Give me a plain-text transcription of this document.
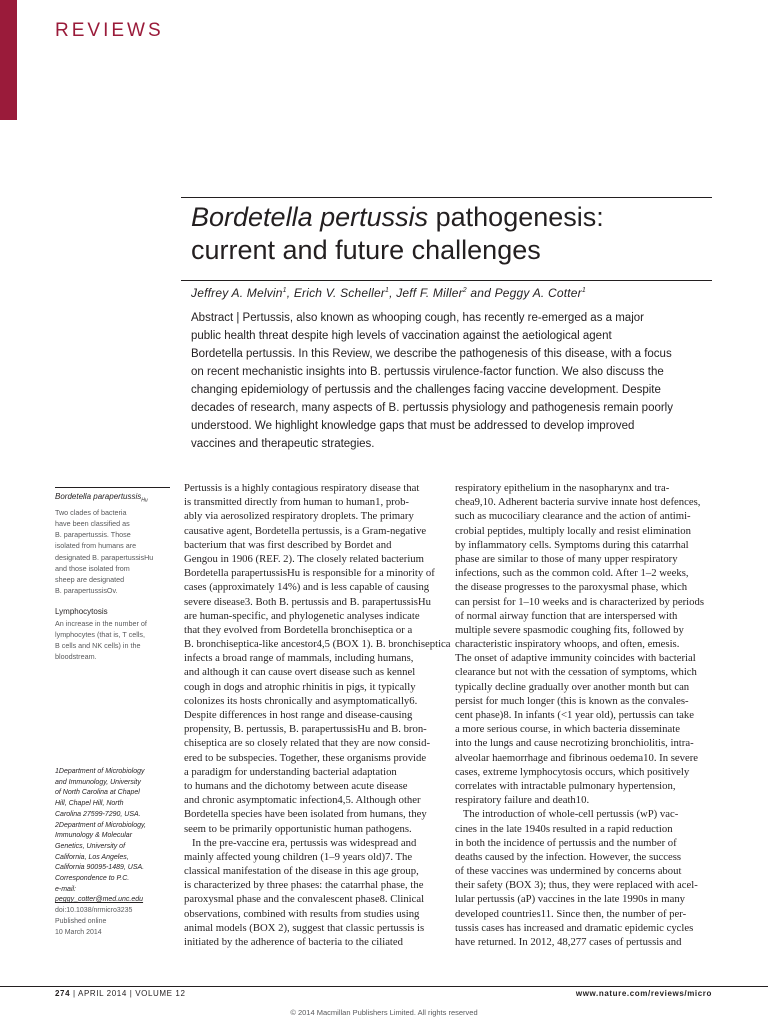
REVIEWS
Bordetella pertussis pathogenesis:
current and future challenges
Jeffrey A. Melvin$^1$, Erich V. Scheller$^1$, Jeff F. Miller$^2$ and Peggy A. Cotter$^1$

Abstract | Pertussis, also known as whooping cough, has recently re-emerged as a major

public health threat despite high levels of vaccination against the aetiological agent

Bordetella pertussis. In this Review, we describe the pathogenesis of this disease, with a focus

on recent mechanistic insights into B. pertussis virulence-factor function. We also discuss the

changing epidemiology of pertussis and the challenges facing vaccine development. Despite

decades of research, many aspects of B. pertussis physiology and pathogenesis remain poorly

understood. We highlight knowledge gaps that must be addressed to develop improved

vaccines and therapeutic strategies.

Bordetella parapertussis$_{Hu}$

Two clades of bacteria

have been classified as

B. parapertussis. Those

isolated from humans are

designated B. parapertussisHu

and those isolated from

sheep are designated

B. parapertussisOv.

Lymphocytosis

An increase in the number of

lymphocytes (that is, T cells,

B cells and NK cells) in the

bloodstream.

1Department of Microbiology

and Immunology, University

of North Carolina at Chapel

Hill, Chapel Hill, North

Carolina 27599-7290, USA.

2Department of Microbiology,

Immunology & Molecular

Genetics, University of

California, Los Angeles,

California 90095-1489, USA.

Correspondence to P.C.

e-mail:

peggy_cotter@med.unc.edu

doi:10.1038/nrmicro3235

Published online

10 March 2014

Pertussis is a highly contagious respiratory disease that

is transmitted directly from human to human1, prob-

ably via aerosolized respiratory droplets. The primary

causative agent, Bordetella pertussis, is a Gram-negative

bacterium that was first described by Bordet and

Gengou in 1906 (REF. 2). The closely related bacterium

Bordetella parapertussisHu is responsible for a minority of

cases (approximately 14%) and is less capable of causing

severe disease3. Both B. pertussis and B. parapertussisHu

are human-specific, and phylogenetic analyses indicate

that they evolved from Bordetella bronchiseptica or a

B. bronchiseptica-like ancestor4,5 (BOX 1). B. bronchiseptica

infects a broad range of mammals, including humans,

and although it can cause overt disease such as kennel

cough in dogs and atrophic rhinitis in pigs, it typically

colonizes its hosts chronically and asymptomatically6.

Despite differences in host range and disease-causing

propensity, B. pertussis, B. parapertussisHu and B. bron-

chiseptica are so closely related that they are now consid-

ered to be subspecies. Together, these organisms provide

a paradigm for understanding bacterial adaptation

to humans and the dichotomy between acute disease

and chronic asymptomatic infection4,5. Although other

Bordetella species have been isolated from humans, they

seem to be primarily opportunistic human pathogens.

In the pre-vaccine era, pertussis was widespread and

mainly affected young children (1–9 years old)7. The

classical manifestation of the disease in this age group,

is characterized by three phases: the catarrhal phase, the

paroxysmal phase and the convalescent phase8. Clinical

observations, combined with results from studies using

animal models (BOX 2), suggest that classic pertussis is

initiated by the adherence of bacteria to the ciliated

respiratory epithelium in the nasopharynx and tra-

chea9,10. Adherent bacteria survive innate host defences,

such as mucociliary clearance and the action of antimi-

crobial peptides, multiply locally and resist elimination

by inflammatory cells. Symptoms during this catarrhal

phase are similar to those of many upper respiratory

infections, such as the common cold. After 1–2 weeks,

the disease progresses to the paroxysmal phase, which

can persist for 1–10 weeks and is characterized by periods

of normal airway function that are interspersed with

multiple severe spasmodic coughing fits, followed by

characteristic inspiratory whoops, and often, emesis.

The onset of adaptive immunity coincides with bacterial

clearance but not with the cessation of symptoms, which

typically decline gradually over another month but can

persist for much longer (this is known as the convales-

cent phase)8. In infants (<1 year old), pertussis can take

a more serious course, in which bacteria disseminate

into the lungs and cause necrotizing bronchiolitis, intra-

alveolar haemorrhage and fibrinous oedema10. In severe

cases, extreme lymphocytosis occurs, which positively

correlates with intractable pulmonary hypertension,

respiratory failure and death10.

The introduction of whole-cell pertussis (wP) vac-

cines in the late 1940s resulted in a rapid reduction

in both the incidence of pertussis and the number of

deaths caused by the infection. However, the success

of these vaccines was undermined by concerns about

their safety (BOX 3); thus, they were replaced with acel-

lular pertussis (aP) vaccines in the late 1990s in many

developed countries11. Since then, the number of per-

tussis cases has increased and dramatic epidemic cycles

have returned. In 2012, 48,277 cases of pertussis and

274 | APRIL 2014 | VOLUME 12	www.nature.com/reviews/micro
© 2014 Macmillan Publishers Limited. All rights reserved
